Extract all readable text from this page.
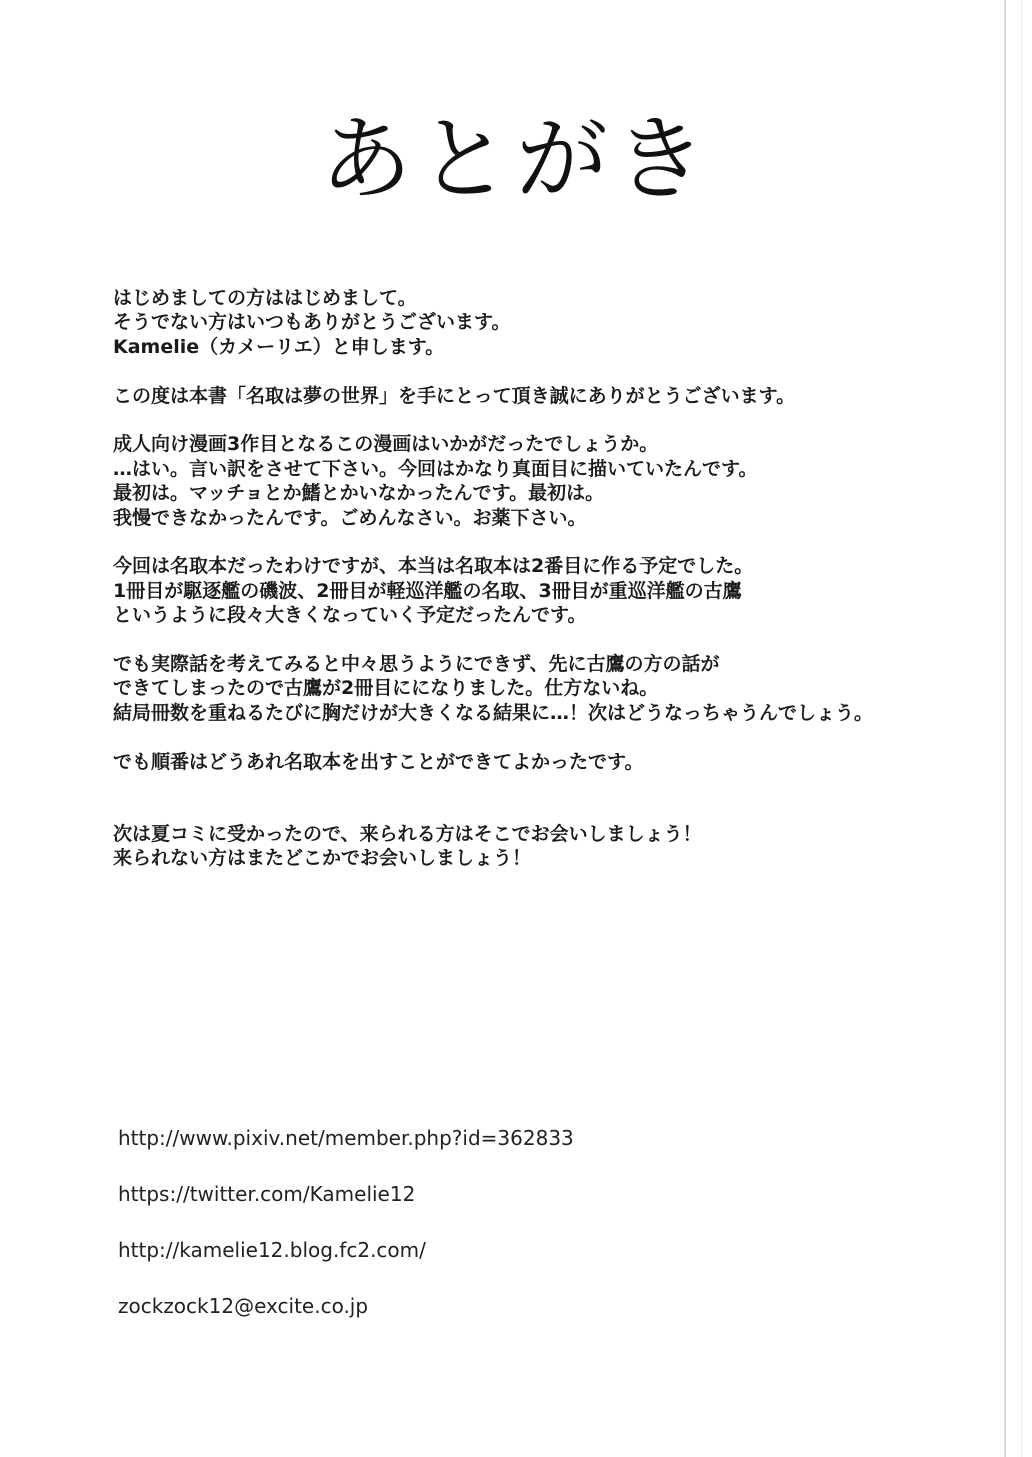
あとがき
はじめましての方ははじめまして。
そうでない方はいつもありがとうございます。
Kamelie（カメーリエ）と申します。
この度は本書「名取は夢の世界」を手にとって頂き誠にありがとうございます。
成人向け漫画3作目となるこの漫画はいかがだったでしょうか。
…はい。言い訳をさせて下さい。今回はかなり真面目に描いていたんです。
最初は。マッチョとか鰭とかいなかったんです。最初は。
我慢できなかったんです。ごめんなさい。お薬下さい。
今回は名取本だったわけですが、本当は名取本は2番目に作る予定でした。
1冊目が駆逐艦の磯波、2冊目が軽巡洋艦の名取、3冊目が重巡洋艦の古鷹
というように段々大きくなっていく予定だったんです。
でも実際話を考えてみると中々思うようにできず、先に古鷹の方の話が
できてしまったので古鷹が2冊目にになりました。仕方ないね。
結局冊数を重ねるたびに胸だけが大きくなる結果に…！次はどうなっちゃうんでしょう。
でも順番はどうあれ名取本を出すことができてよかったです。
次は夏コミに受かったので、来られる方はそこでお会いしましょう！
来られない方はまたどこかでお会いしましょう！
http://www.pixiv.net/member.php?id=362833
https://twitter.com/Kamelie12
http://kamelie12.blog.fc2.com/
zockzock12@excite.co.jp
